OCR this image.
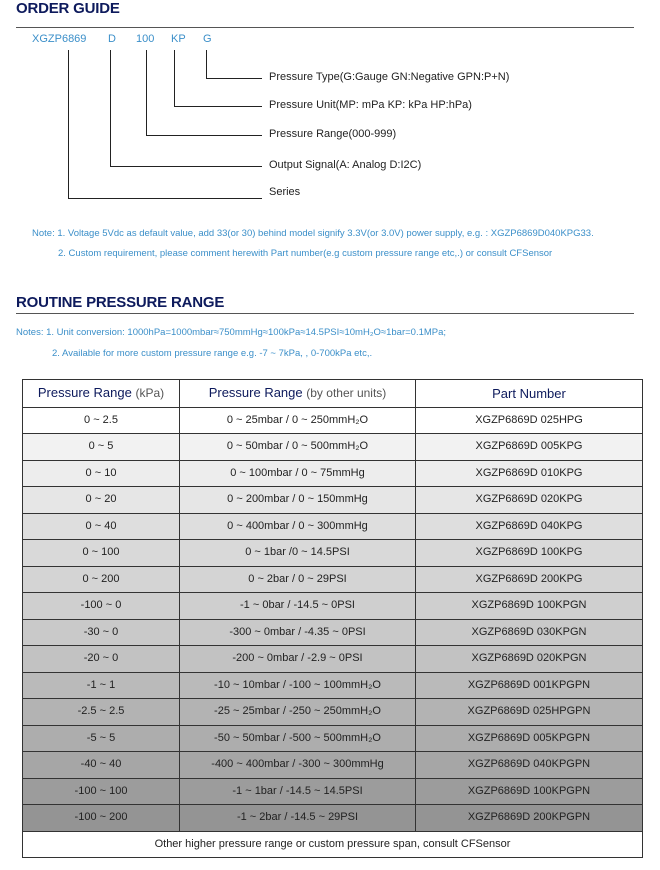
ORDER GUIDE
XGZP6869 D 100 KP G
Pressure Type(G:Gauge GN:Negative GPN:P+N)
Pressure Unit(MP: mPa KP: kPa HP:hPa)
Pressure Range(000-999)
Output Signal(A: Analog D:I2C)
Series
Note: 1. Voltage 5Vdc as default value, add 33(or 30) behind model signify 3.3V(or 3.0V) power supply, e.g. : XGZP6869D040KPG33.
2. Custom requirement, please comment herewith Part number(e.g custom pressure range etc,.) or consult CFSensor
ROUTINE PRESSURE RANGE
Notes: 1. Unit conversion: 1000hPa=1000mbar≈750mmHg≈100kPa≈14.5PSI≈10mH₂O≈1bar=0.1MPa;
2. Available for more custom pressure range e.g. -7 ~ 7kPa, , 0-700kPa etc,.
Pressure Range (kPa)	Pressure Range (by other units)	Part Number
0 ~ 2.5	0 ~ 25mbar / 0 ~ 250mmH₂O	XGZP6869D 025HPG
0 ~ 5	0 ~ 50mbar / 0 ~ 500mmH₂O	XGZP6869D 005KPG
0 ~ 10	0 ~ 100mbar / 0 ~ 75mmHg	XGZP6869D 010KPG
0 ~ 20	0 ~ 200mbar / 0 ~ 150mmHg	XGZP6869D 020KPG
0 ~ 40	0 ~ 400mbar / 0 ~ 300mmHg	XGZP6869D 040KPG
0 ~ 100	0 ~ 1bar /0 ~ 14.5PSI	XGZP6869D 100KPG
0 ~ 200	0 ~ 2bar / 0 ~ 29PSI	XGZP6869D 200KPG
-100 ~ 0	-1 ~ 0bar / -14.5 ~ 0PSI	XGZP6869D 100KPGN
-30 ~ 0	-300 ~ 0mbar / -4.35 ~ 0PSI	XGZP6869D 030KPGN
-20 ~ 0	-200 ~ 0mbar / -2.9 ~ 0PSI	XGZP6869D 020KPGN
-1 ~ 1	-10 ~ 10mbar / -100 ~ 100mmH₂O	XGZP6869D 001KPGPN
-2.5 ~ 2.5	-25 ~ 25mbar / -250 ~ 250mmH₂O	XGZP6869D 025HPGPN
-5 ~ 5	-50 ~ 50mbar / -500 ~ 500mmH₂O	XGZP6869D 005KPGPN
-40 ~ 40	-400 ~ 400mbar / -300 ~ 300mmHg	XGZP6869D 040KPGPN
-100 ~ 100	-1 ~ 1bar / -14.5 ~ 14.5PSI	XGZP6869D 100KPGPN
-100 ~ 200	-1 ~ 2bar / -14.5 ~ 29PSI	XGZP6869D 200KPGPN
Other higher pressure range or custom pressure span, consult CFSensor		
